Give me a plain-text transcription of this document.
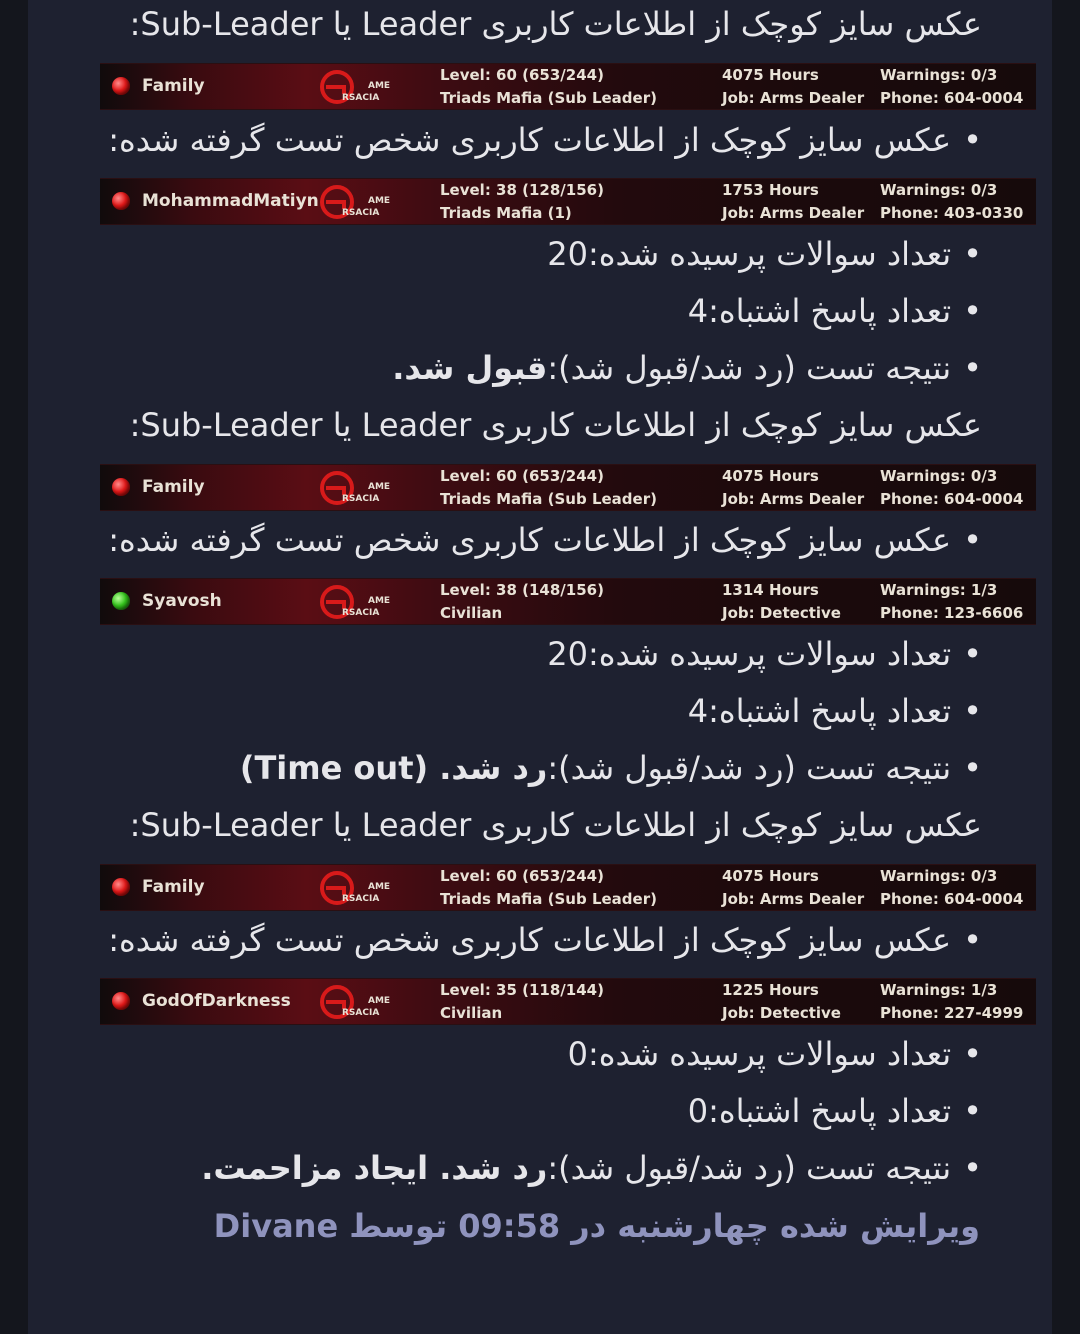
عکس سایز کوچک از اطلاعات کاربری Leader یا Sub-Leader:
Family	AME
RSACIA
Level: 60 (653/244)
Triads Mafia (Sub Leader)
4075 Hours
Job: Arms Dealer
Warnings: 0/3
Phone: 604-0004
•عکس سایز کوچک از اطلاعات کاربری شخص تست گرفته شده:
MohammadMatiyn	AME
RSACIA
Level: 38 (128/156)
Triads Mafia (1)
1753 Hours
Job: Arms Dealer
Warnings: 0/3
Phone: 403-0330
•تعداد سوالات پرسیده شده:20
•تعداد پاسخ اشتباه:4
•نتیجه تست (رد شد/قبول شد):قبول شد.
عکس سایز کوچک از اطلاعات کاربری Leader یا Sub-Leader:
Family	AME
RSACIA
Level: 60 (653/244)
Triads Mafia (Sub Leader)
4075 Hours
Job: Arms Dealer
Warnings: 0/3
Phone: 604-0004
•عکس سایز کوچک از اطلاعات کاربری شخص تست گرفته شده:
Syavosh	AME
RSACIA
Level: 38 (148/156)
Civilian
1314 Hours
Job: Detective
Warnings: 1/3
Phone: 123-6606
•تعداد سوالات پرسیده شده:20
•تعداد پاسخ اشتباه:4
•نتیجه تست (رد شد/قبول شد):رد شد. (Time out)
عکس سایز کوچک از اطلاعات کاربری Leader یا Sub-Leader:
Family	AME
RSACIA
Level: 60 (653/244)
Triads Mafia (Sub Leader)
4075 Hours
Job: Arms Dealer
Warnings: 0/3
Phone: 604-0004
•عکس سایز کوچک از اطلاعات کاربری شخص تست گرفته شده:
GodOfDarkness	AME
RSACIA
Level: 35 (118/144)
Civilian
1225 Hours
Job: Detective
Warnings: 1/3
Phone: 227-4999
•تعداد سوالات پرسیده شده:0
•تعداد پاسخ اشتباه:0
•نتیجه تست (رد شد/قبول شد):رد شد. ایجاد مزاحمت.
ویرایش شده چهارشنبه در 09:58 توسط Divane
